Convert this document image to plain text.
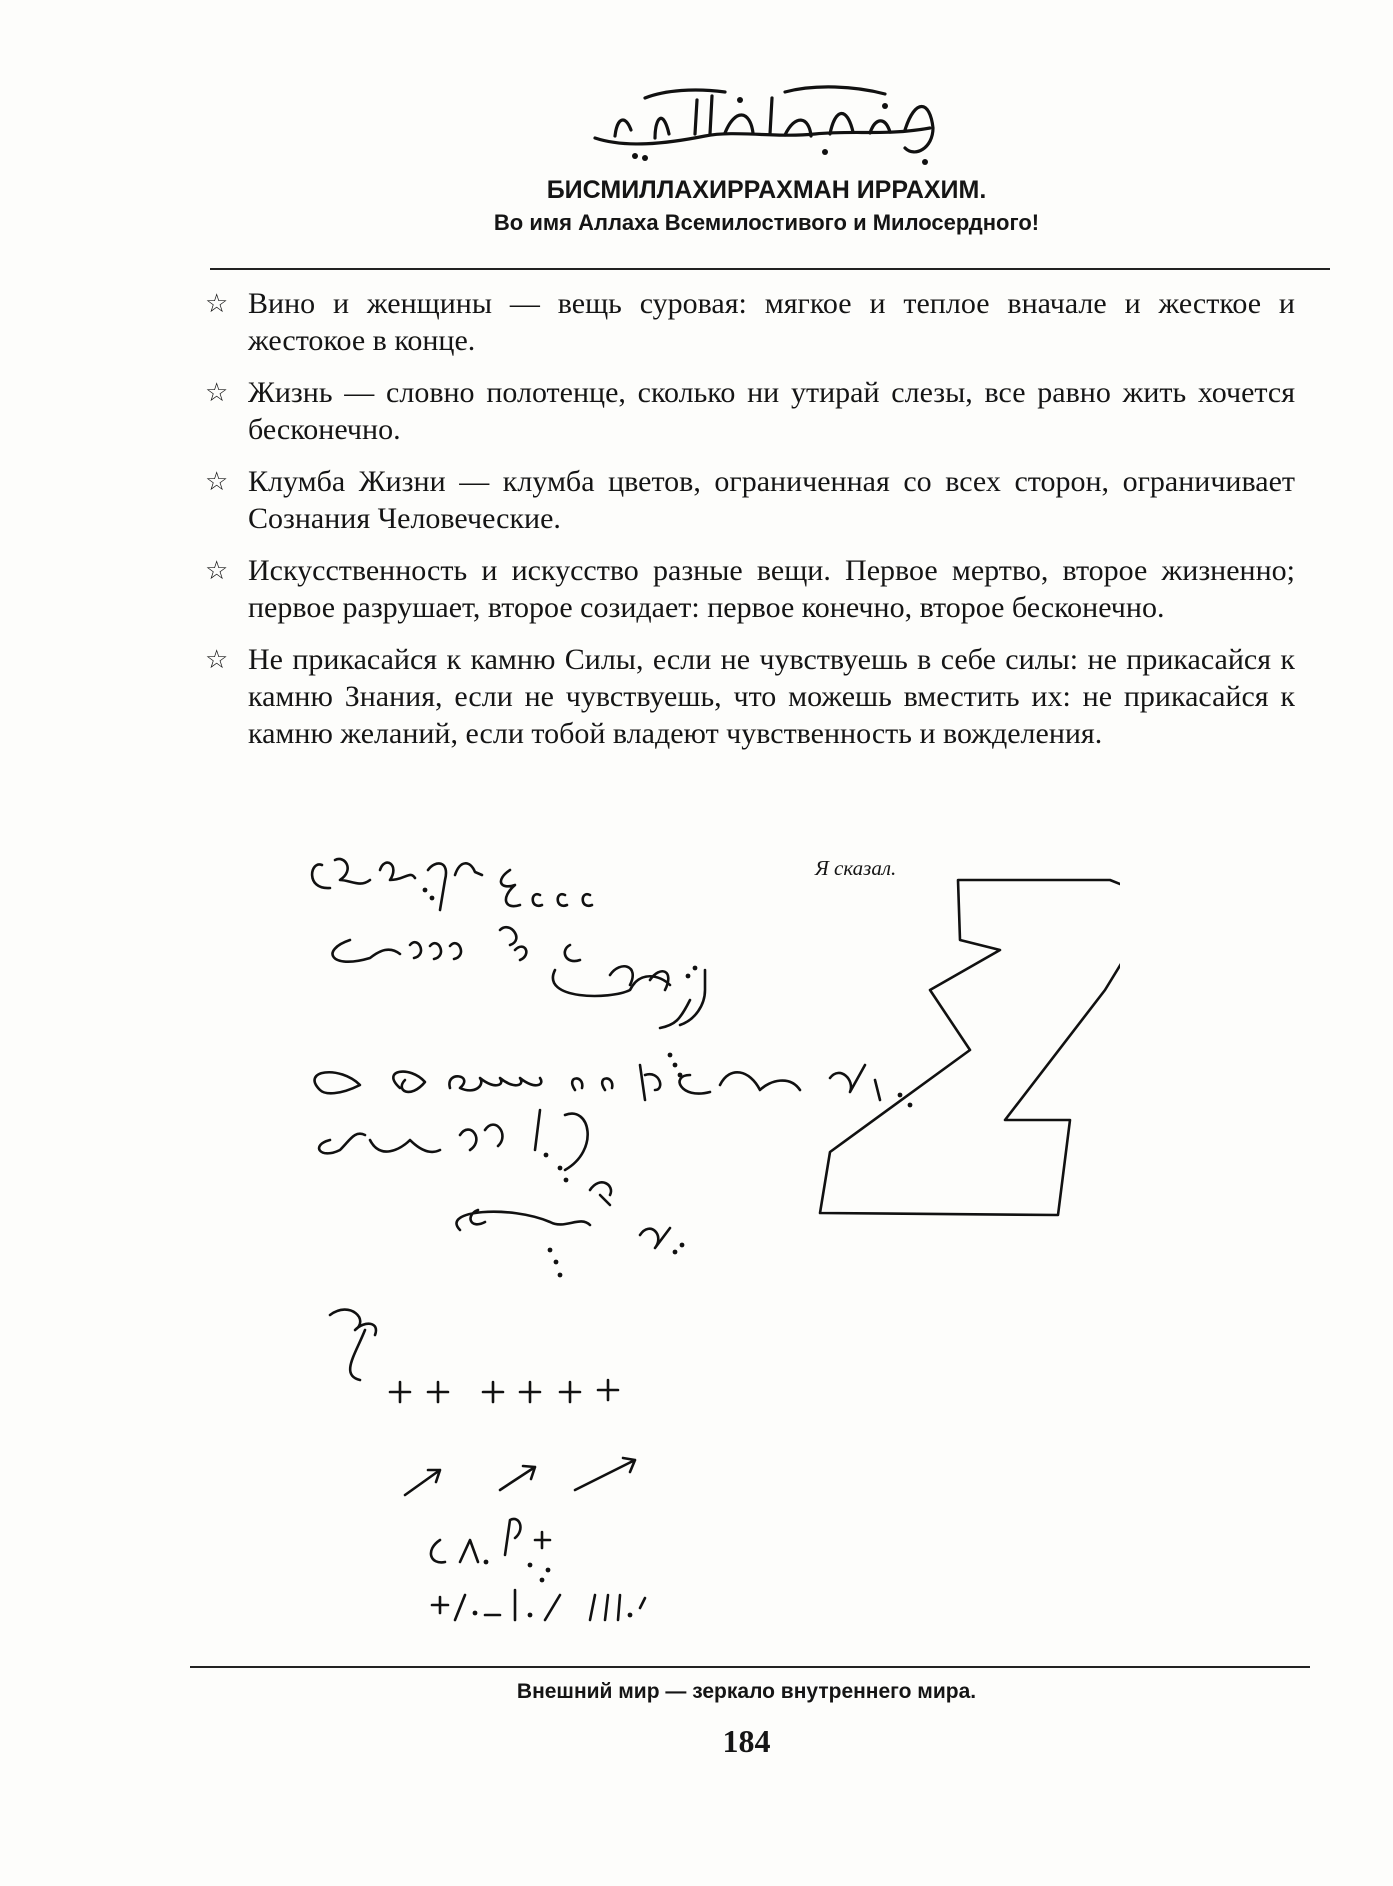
БИСМИЛЛАХИРРАХМАН ИРРАХИМ.
Во имя Аллаха Всемилостивого и Милосердного!
☆ Вино и женщины — вещь суровая: мягкое и теплое вначале и жесткое и жестокое в конце.
☆ Жизнь — словно полотенце, сколько ни утирай слезы, все равно жить хочется бесконечно.
☆ Клумба Жизни — клумба цветов, ограниченная со всех сторон, ограничивает Сознания Человеческие.
☆ Искусственность и искусство разные вещи. Первое мертво, второе жизненно; первое разрушает, второе созидает: первое конечно, второе бесконечно.
☆ Не прикасайся к камню Силы, если не чувствуешь в себе силы: не прикасайся к камню Знания, если не чувствуешь, что можешь вместить их: не прикасайся к камню желаний, если тобой владеют чувственность и вожделения.
Я сказал.
Внешний мир — зеркало внутреннего мира.
184
